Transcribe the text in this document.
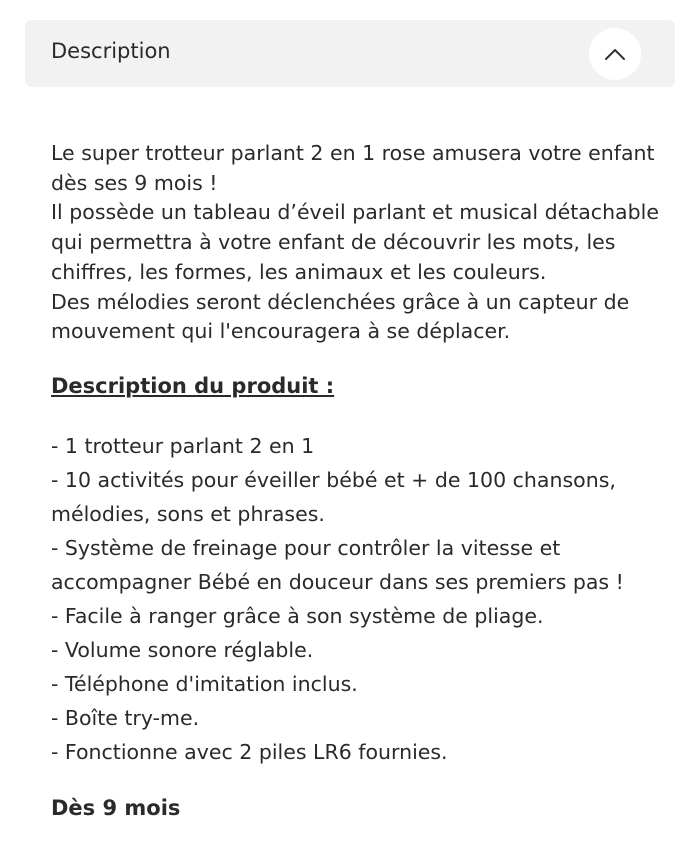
Description

Le super trotteur parlant 2 en 1 rose amusera votre enfant dès ses 9 mois !
Il possède un tableau d’éveil parlant et musical détachable qui permettra à votre enfant de découvrir les mots, les chiffres, les formes, les animaux et les couleurs.
Des mélodies seront déclenchées grâce à un capteur de mouvement qui l'encouragera à se déplacer.

Description du produit :
- 1 trotteur parlant 2 en 1
- 10 activités pour éveiller bébé et + de 100 chansons, mélodies, sons et phrases.
- Système de freinage pour contrôler la vitesse et accompagner Bébé en douceur dans ses premiers pas !
- Facile à ranger grâce à son système de pliage.
- Volume sonore réglable.
- Téléphone d'imitation inclus.
- Boîte try-me.
- Fonctionne avec 2 piles LR6 fournies.
Dès 9 mois
